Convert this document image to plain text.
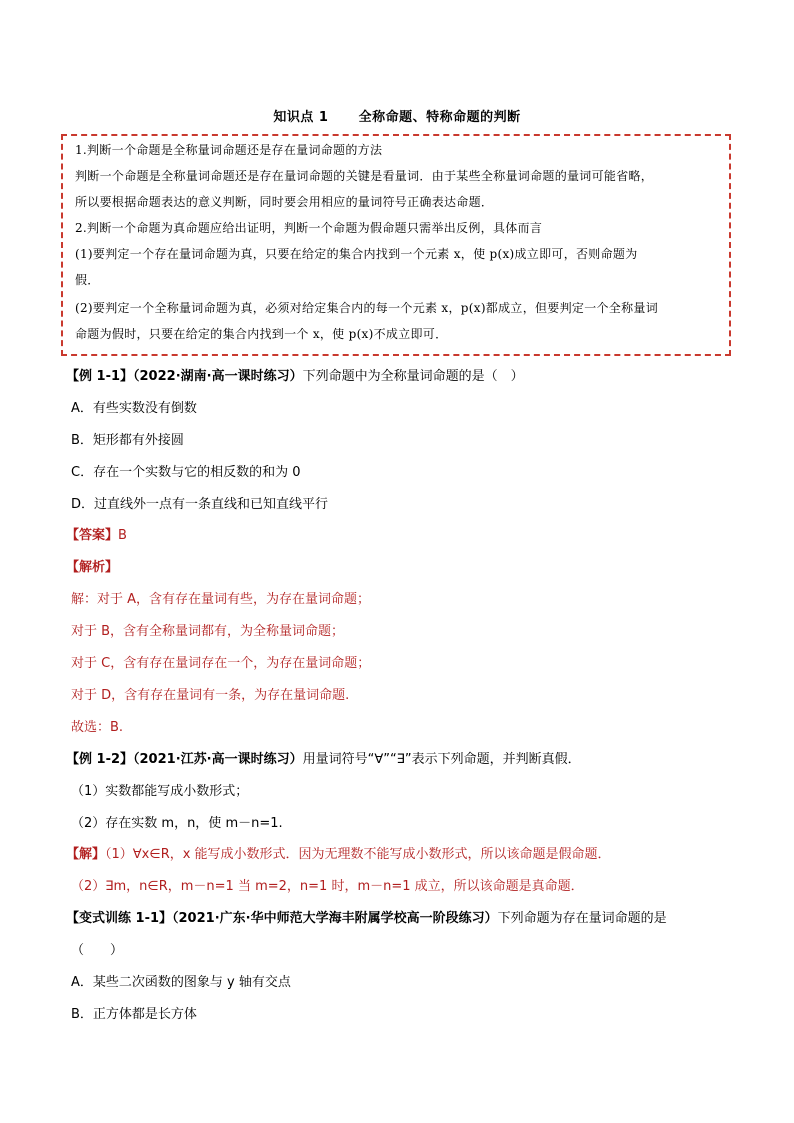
知识点 1      全称命题、特称命题的判断
1.判断一个命题是全称量词命题还是存在量词命题的方法
判断一个命题是全称量词命题还是存在量词命题的关键是看量词．由于某些全称量词命题的量词可能省略，
所以要根据命题表达的意义判断，同时要会用相应的量词符号正确表达命题．
2.判断一个命题为真命题应给出证明，判断一个命题为假命题只需举出反例，具体而言
(1)要判定一个存在量词命题为真，只要在给定的集合内找到一个元素 x，使 p(x)成立即可，否则命题为
假．
(2)要判定一个全称量词命题为真，必须对给定集合内的每一个元素 x，p(x)都成立，但要判定一个全称量词
命题为假时，只要在给定的集合内找到一个 x，使 p(x)不成立即可．
【例 1-1】（2022·湖南·高一课时练习）下列命题中为全称量词命题的是（　）
A．有些实数没有倒数
B．矩形都有外接圆
C．存在一个实数与它的相反数的和为 0
D．过直线外一点有一条直线和已知直线平行
【答案】B
【解析】
解：对于 A，含有存在量词有些，为存在量词命题；
对于 B，含有全称量词都有，为全称量词命题；
对于 C，含有存在量词存在一个，为存在量词命题；
对于 D，含有存在量词有一条，为存在量词命题.
故选：B.
【例 1-2】（2021·江苏·高一课时练习）用量词符号“∀”“∃”表示下列命题，并判断真假．
（1）实数都能写成小数形式；
（2）存在实数 m，n，使 m－n=1.
【解】（1）∀x∈R，x 能写成小数形式．因为无理数不能写成小数形式，所以该命题是假命题．
（2）∃m，n∈R，m－n=1 当 m=2，n=1 时，m－n=1 成立，所以该命题是真命题．
【变式训练 1-1】（2021·广东·华中师范大学海丰附属学校高一阶段练习）下列命题为存在量词命题的是
（　　）
A．某些二次函数的图象与 y 轴有交点
B．正方体都是长方体
